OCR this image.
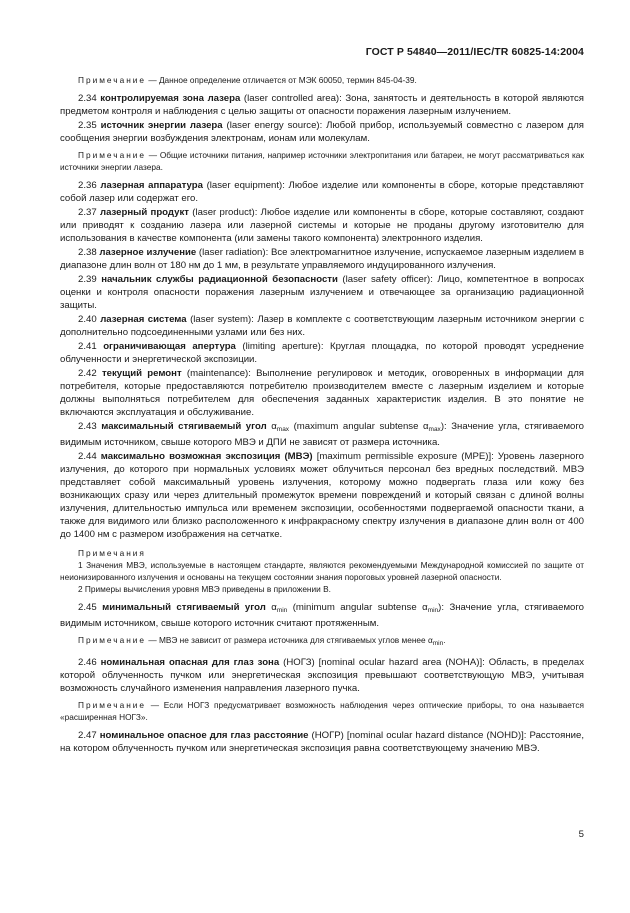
ГОСТ Р 54840—2011/IEC/TR 60825-14:2004

Примечание — Данное определение отличается от МЭК 60050, термин 845-04-39.

2.34 контролируемая зона лазера (laser controlled area): Зона, занятость и деятельность в которой являются предметом контроля и наблюдения с целью защиты от опасности поражения лазерным излучением.

2.35 источник энергии лазера (laser energy source): Любой прибор, используемый совместно с лазером для сообщения энергии возбуждения электронам, ионам или молекулам.

Примечание — Общие источники питания, например источники электропитания или батареи, не могут рассматриваться как источники энергии лазера.

2.36 лазерная аппаратура (laser equipment): Любое изделие или компоненты в сборе, которые представляют собой лазер или содержат его.

2.37 лазерный продукт (laser product): Любое изделие или компоненты в сборе, которые составляют, создают или приводят к созданию лазера или лазерной системы и которые не проданы другому изготовителю для использования в качестве компонента (или замены такого компонента) электронного изделия.

2.38 лазерное излучение (laser radiation): Все электромагнитное излучение, испускаемое лазерным изделием в диапазоне длин волн от 180 нм до 1 мм, в результате управляемого индуцированного излучения.

2.39 начальник службы радиационной безопасности (laser safety officer): Лицо, компетентное в вопросах оценки и контроля опасности поражения лазерным излучением и отвечающее за организацию радиационной защиты.

2.40 лазерная система (laser system): Лазер в комплекте с соответствующим лазерным источником энергии с дополнительно подсоединенными узлами или без них.

2.41 ограничивающая апертура (limiting aperture): Круглая площадка, по которой проводят усреднение облученности и энергетической экспозиции.

2.42 текущий ремонт (maintenance): Выполнение регулировок и методик, оговоренных в информации для потребителя, которые предоставляются потребителю производителем вместе с лазерным изделием и которые должны выполняться потребителем для обеспечения заданных характеристик изделия. В это понятие не включаются эксплуатация и обслуживание.

2.43 максимальный стягиваемый угол $\alpha_{max}$ (maximum angular subtense $\alpha_{max}$): Значение угла, стягиваемого видимым источником, свыше которого МВЭ и ДПИ не зависят от размера источника.

2.44 максимально возможная экспозиция (МВЭ) [maximum permissible exposure (MPE)]: Уровень лазерного излучения, до которого при нормальных условиях может облучиться персонал без вредных последствий. МВЭ представляет собой максимальный уровень излучения, которому можно подвергать глаза или кожу без возникающих сразу или через длительный промежуток времени повреждений и который связан с длиной волны излучения, длительностью импульса или временем экспозиции, особенностями подвергаемой опасности ткани, а также для видимого или близко расположенного к инфракрасному спектру излучения в диапазоне длин волн от 400 до 1400 нм с размером изображения на сетчатке.

Примечания

1 Значения МВЭ, используемые в настоящем стандарте, являются рекомендуемыми Международной комиссией по защите от неионизированного излучения и основаны на текущем состоянии знания пороговых уровней лазерной опасности.

2 Примеры вычисления уровня МВЭ приведены в приложении В.

2.45 минимальный стягиваемый угол $\alpha_{min}$ (minimum angular subtense $\alpha_{min}$): Значение угла, стягиваемого видимым источником, свыше которого источник считают протяженным.

Примечание — МВЭ не зависит от размера источника для стягиваемых углов менее $\alpha_{min}$.

2.46 номинальная опасная для глаз зона (НОГЗ) [nominal ocular hazard area (NOHA)]: Область, в пределах которой облученность пучком или энергетическая экспозиция превышают соответствующую МВЭ, учитывая возможность случайного изменения направления лазерного пучка.

Примечание — Если НОГЗ предусматривает возможность наблюдения через оптические приборы, то она называется «расширенная НОГЗ».

2.47 номинальное опасное для глаз расстояние (НОГР) [nominal ocular hazard distance (NOHD)]: Расстояние, на котором облученность пучком или энергетическая экспозиция равна соответствующему значению МВЭ.

5
